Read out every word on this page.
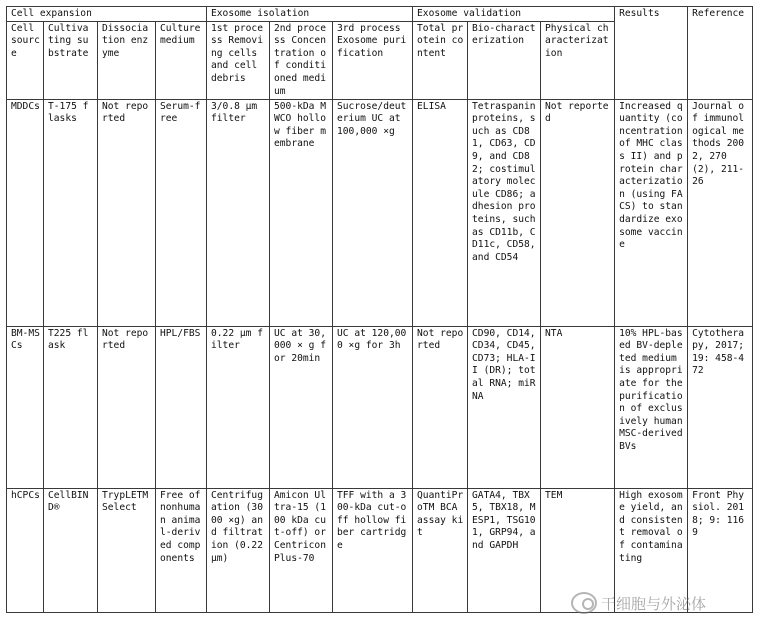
Cell expansion				Exosome isolation			Exosome validation			Results	Reference
Cell source	Cultivating substrate	Dissociation enzyme	Culture medium	1st process Removing cells and cell debris	2nd process Concentration of conditioned medium	3rd process Exosome purification	Total protein content	Bio-characterization	Physical characterization		
MDDCs	T-175 flasks	Not reported	Serum-free	3/0.8 μm filter	500-kDa MWCO hollow fiber membrane	Sucrose/deuterium UC at 100,000 ×g	ELISA	Tetraspanin proteins, such as CD81, CD63, CD9, and CD82; costimulatory molecule CD86; adhesion proteins, such as CD11b, CD11c, CD58, and CD54	Not reported	Increased quantity (concentration of MHC class II) and protein characterization (using FACS) to standardize exosome vaccine	Journal of immunological methods 2002, 270 (2), 211-26
BM-MSCs	T225 flask	Not reported	HPL/FBS	0.22 μm filter	UC at 30,000 × g for 20min	UC at 120,000 ×g for 3h	Not reported	CD90, CD14, CD34, CD45, CD73; HLA-II (DR); total RNA; miRNA	NTA	10% HPL-based BV-depleted medium is appropriate for the purification of exclusively human MSC-derived BVs	Cytotherapy, 2017; 19: 458-472
hCPCs	CellBIND®	TrypLETM Select	Free of nonhuman animal-derived components	Centrifugation (3000 ×g) and filtration (0.22 μm)	Amicon Ultra-15 (100 kDa cut-off) or Centricon Plus-70	TFF with a 300-kDa cut-off hollow fiber cartridge	QuantiProTM BCA assay kit	GATA4, TBX5, TBX18, MESP1, TSG101, GRP94, and GAPDH	TEM	High exosome yield, and consistent removal of contaminating	Front Physiol. 2018; 9: 1169
干细胞与外泌体
